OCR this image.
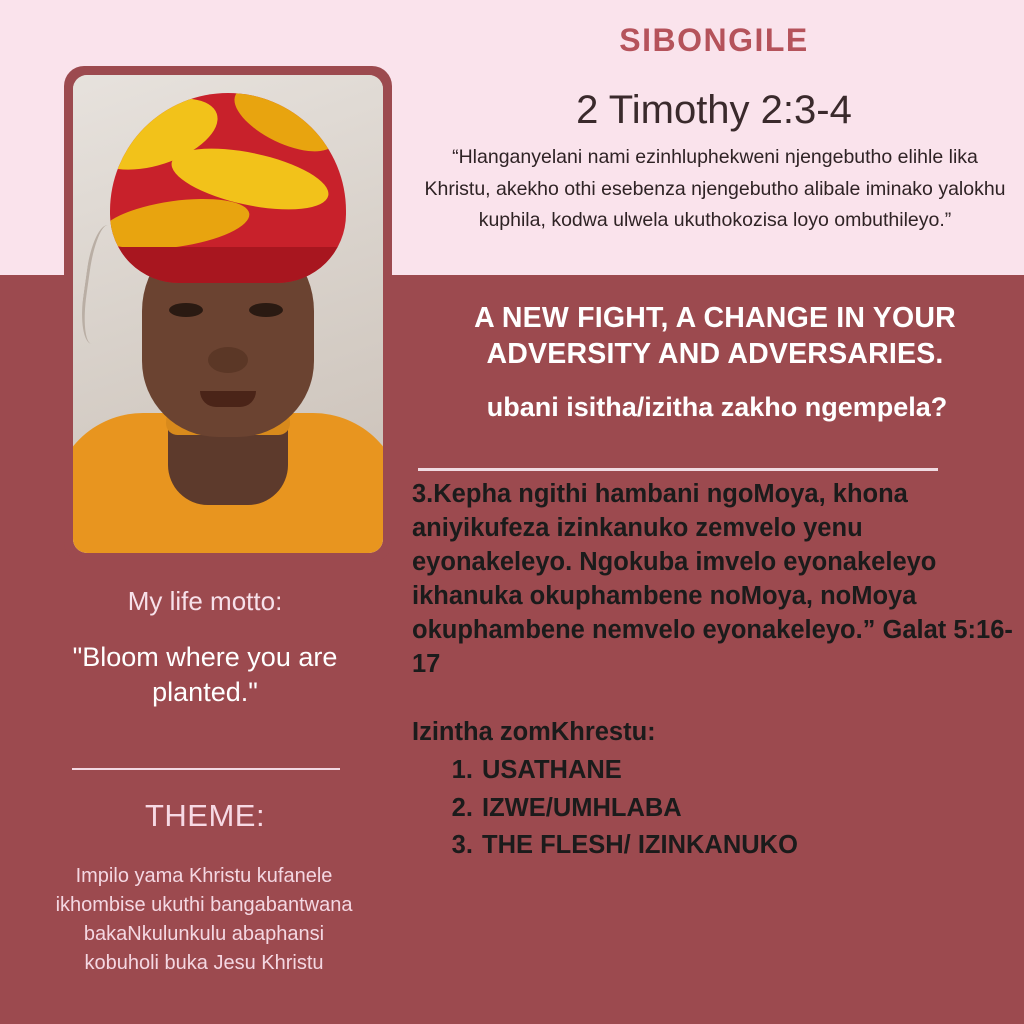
My life motto:
"Bloom where you are planted."
THEME:
Impilo yama Khristu kufanele ikhombise ukuthi bangabantwana bakaNkulunkulu abaphansi kobuholi buka Jesu Khristu
SIBONGILE
2 Timothy 2:3-4
“Hlanganyelani nami ezinhluphekweni njengebutho elihle lika Khristu, akekho othi esebenza njengebutho alibale iminako yalokhu kuphila, kodwa ulwela ukuthokozisa loyo ombuthileyo.”
A NEW FIGHT, A CHANGE IN YOUR ADVERSITY AND ADVERSARIES.
ubani isitha/izitha zakho ngempela?
3.Kepha ngithi hambani ngoMoya, khona aniyikufeza izinkanuko zemvelo yenu eyonakeleyo. Ngokuba imvelo eyonakeleyo ikhanuka okuphambene noMoya, noMoya okuphambene nemvelo eyonakeleyo.” Galat 5:16-17
Izintha zomKhrestu:
1. USATHANE
2. IZWE/UMHLABA
3. THE FLESH/ IZINKANUKO
